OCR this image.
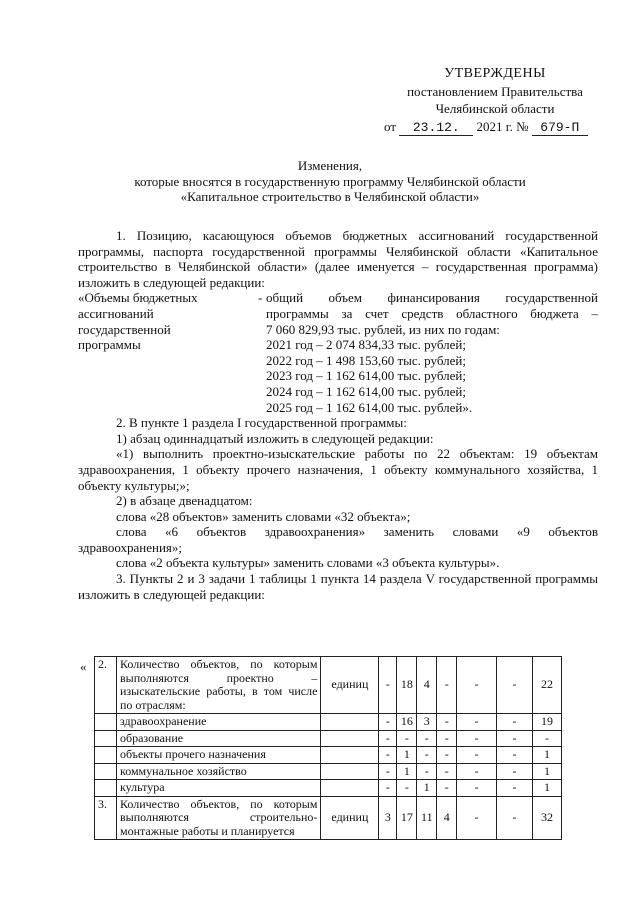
УТВЕРЖДЕНЫ
постановлением Правительства
Челябинской области
от 23.12. 2021 г. № 679-П
Изменения,
которые вносятся в государственную программу Челябинской области
«Капитальное строительство в Челябинской области»
1. Позицию, касающуюся объемов бюджетных ассигнований государственной программы, паспорта государственной программы Челябинской области «Капитальное строительство в Челябинской области» (далее именуется – государственная программа) изложить в следующей редакции:
«Объемы бюджетных
ассигнований
государственной
программы
- общий объем финансирования государственной
программы за счет средств областного бюджета –
7 060 829,93 тыс. рублей, из них по годам:
2021 год – 2 074 834,33 тыс. рублей;
2022 год – 1 498 153,60 тыс. рублей;
2023 год – 1 162 614,00 тыс. рублей;
2024 год – 1 162 614,00 тыс. рублей;
2025 год – 1 162 614,00 тыс. рублей».
2. В пункте 1 раздела I государственной программы:
1) абзац одиннадцатый изложить в следующей редакции:
«1) выполнить проектно-изыскательские работы по 22 объектам: 19 объектам здравоохранения, 1 объекту прочего назначения, 1 объекту коммунального хозяйства, 1 объекту культуры;»;
2) в абзаце двенадцатом:
слова «28 объектов» заменить словами «32 объекта»;
слова «6 объектов здравоохранения» заменить словами «9 объектов здравоохранения»;
слова «2 объекта культуры» заменить словами «3 объекта культуры».
3. Пункты 2 и 3 задачи 1 таблицы 1 пункта 14 раздела V государственной программы изложить в следующей редакции:
« 2.	Количество объектов, по которым выполняются проектно – изыскательские работы, в том числе по отраслям:	единиц	-	18	4	-	-	-	22
	здравоохранение		-	16	3	-	-	-	19
	образование		-	-	-	-	-	-	-
	объекты прочего назначения		-	1	-	-	-	-	1
	коммунальное хозяйство		-	1	-	-	-	-	1
	культура		-	-	1	-	-	-	1
3.	Количество объектов, по которым выполняются строительно-монтажные работы и планируется	единиц	3	17	11	4	-	-	32
